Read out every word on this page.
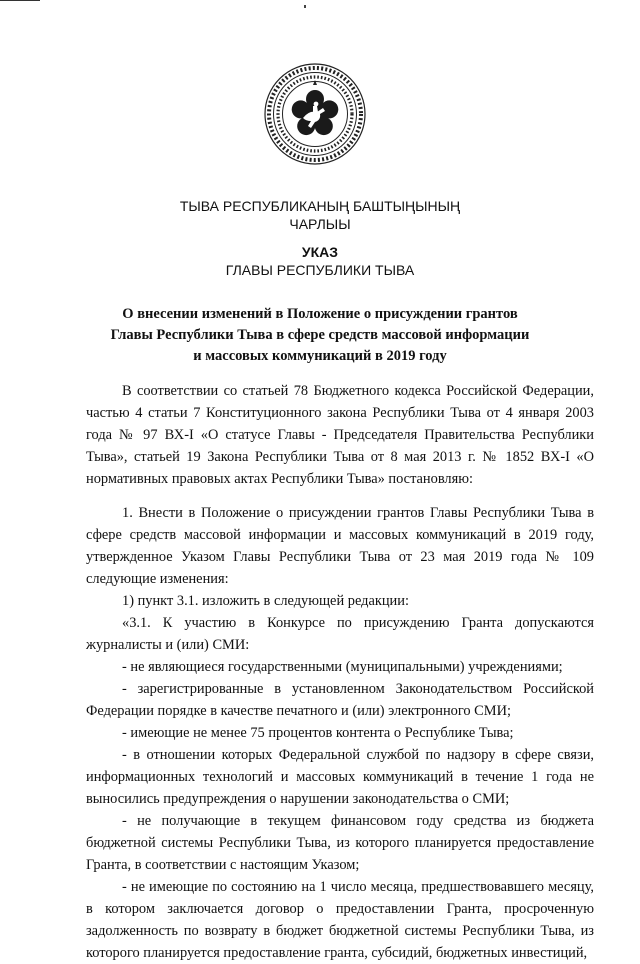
ТЫВА РЕСПУБЛИКАНЫҢ БАШТЫҢЫНЫҢ
ЧАРЛЫЫ
УКАЗ
ГЛАВЫ РЕСПУБЛИКИ ТЫВА
О внесении изменений в Положение о присуждении грантов
Главы Республики Тыва в сфере средств массовой информации
и массовых коммуникаций в 2019 году

В соответствии со статьей 78 Бюджетного кодекса Российской Федерации, частью 4 статьи 7 Конституционного закона Республики Тыва от 4 января 2003 года № 97 ВХ-I «О статусе Главы - Председателя Правительства Республики Тыва», статьей 19 Закона Республики Тыва от 8 мая 2013 г. № 1852 ВХ-I «О нормативных правовых актах Республики Тыва» постановляю:

1. Внести в Положение о присуждении грантов Главы Республики Тыва в сфере средств массовой информации и массовых коммуникаций в 2019 году, утвержденное Указом Главы Республики Тыва от 23 мая 2019 года № 109 следующие изменения:

1) пункт 3.1. изложить в следующей редакции:

«3.1. К участию в Конкурсе по присуждению Гранта допускаются журналисты и (или) СМИ:

- не являющиеся государственными (муниципальными) учреждениями;

- зарегистрированные в установленном Законодательством Российской Федерации порядке в качестве печатного и (или) электронного СМИ;

- имеющие не менее 75 процентов контента о Республике Тыва;

- в отношении которых Федеральной службой по надзору в сфере связи, информационных технологий и массовых коммуникаций в течение 1 года не выносились предупреждения о нарушении законодательства о СМИ;

- не получающие в текущем финансовом году средства из бюджета бюджетной системы Республики Тыва, из которого планируется предоставление Гранта, в соответствии с настоящим Указом;

- не имеющие по состоянию на 1 число месяца, предшествовавшего месяцу, в котором заключается договор о предоставлении Гранта, просроченную задолженность по возврату в бюджет бюджетной системы Республики Тыва, из которого планируется предоставление гранта, субсидий, бюджетных инвестиций,
